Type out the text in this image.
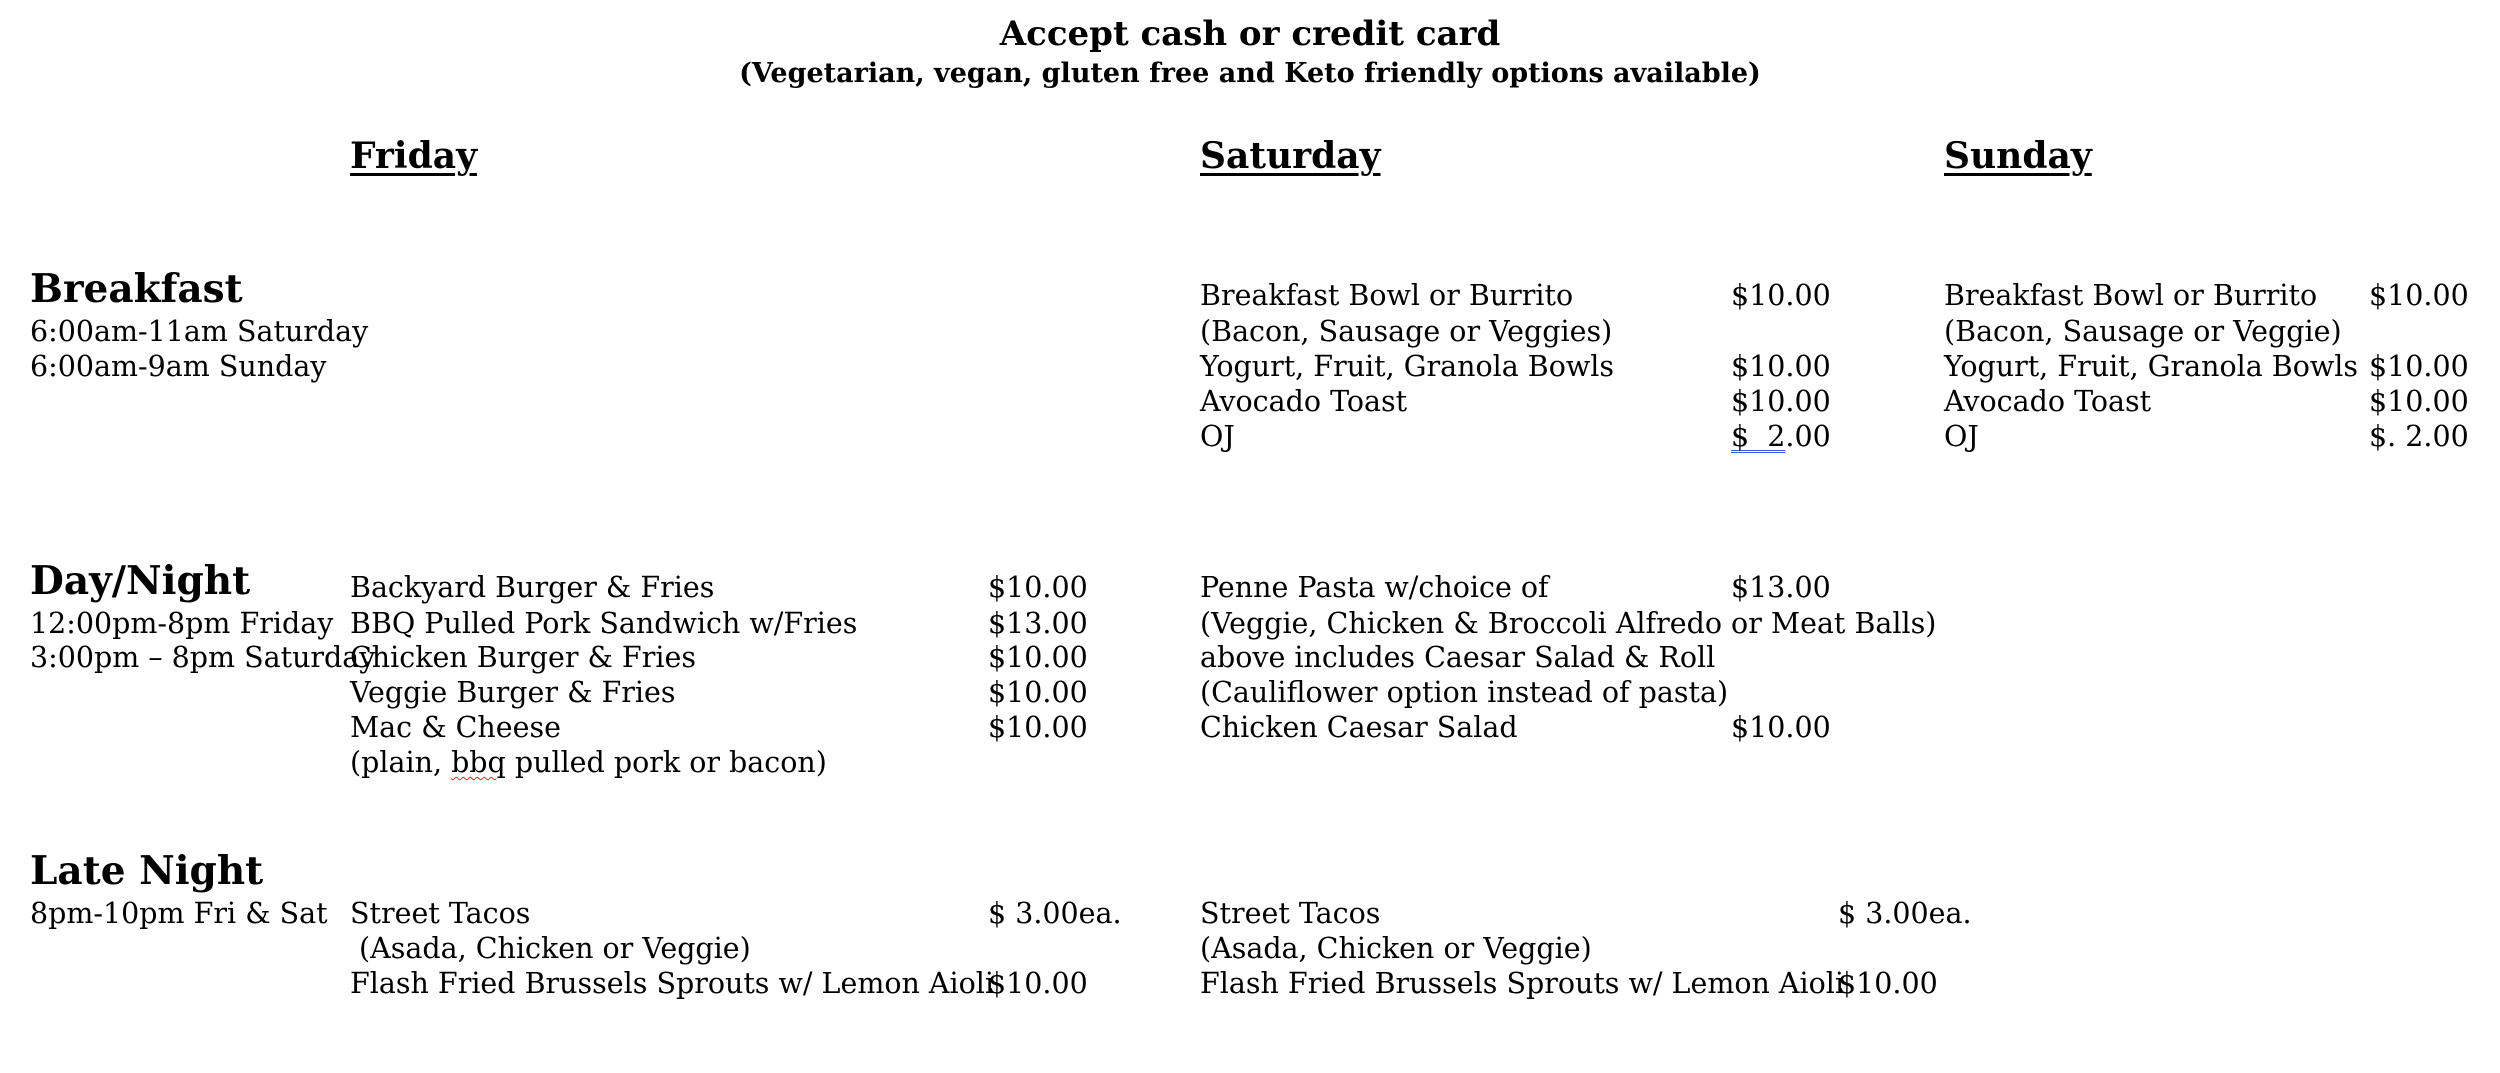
Accept cash or credit card
(Vegetarian, vegan, gluten free and Keto friendly options available)
Friday	Saturday	Sunday
Breakfast
6:00am-11am Saturday
6:00am-9am Sunday
Breakfast Bowl or Burrito
(Bacon, Sausage or Veggies)
Yogurt, Fruit, Granola Bowls
Avocado Toast
OJ
$10.00
$10.00
$10.00
$  2.00
Breakfast Bowl or Burrito
(Bacon, Sausage or Veggie)
Yogurt, Fruit, Granola Bowls
Avocado Toast
OJ
$10.00
$10.00
$10.00
$. 2.00
Day/Night
12:00pm-8pm Friday
3:00pm – 8pm Saturday
Backyard Burger & Fries
BBQ Pulled Pork Sandwich w/Fries
Chicken Burger & Fries
Veggie Burger & Fries
Mac & Cheese
(plain, bbq pulled pork or bacon)
$10.00
$13.00
$10.00
$10.00
$10.00
Penne Pasta w/choice of
(Veggie, Chicken & Broccoli Alfredo or Meat Balls)
above includes Caesar Salad & Roll
(Cauliflower option instead of pasta)
Chicken Caesar Salad
$13.00
$10.00
Late Night
8pm-10pm Fri & Sat Street Tacos
(Asada, Chicken or Veggie)
Flash Fried Brussels Sprouts w/ Lemon Aioli
$ 3.00ea.
$10.00
Street Tacos
(Asada, Chicken or Veggie)
Flash Fried Brussels Sprouts w/ Lemon Aioli
$ 3.00ea.
$10.00
